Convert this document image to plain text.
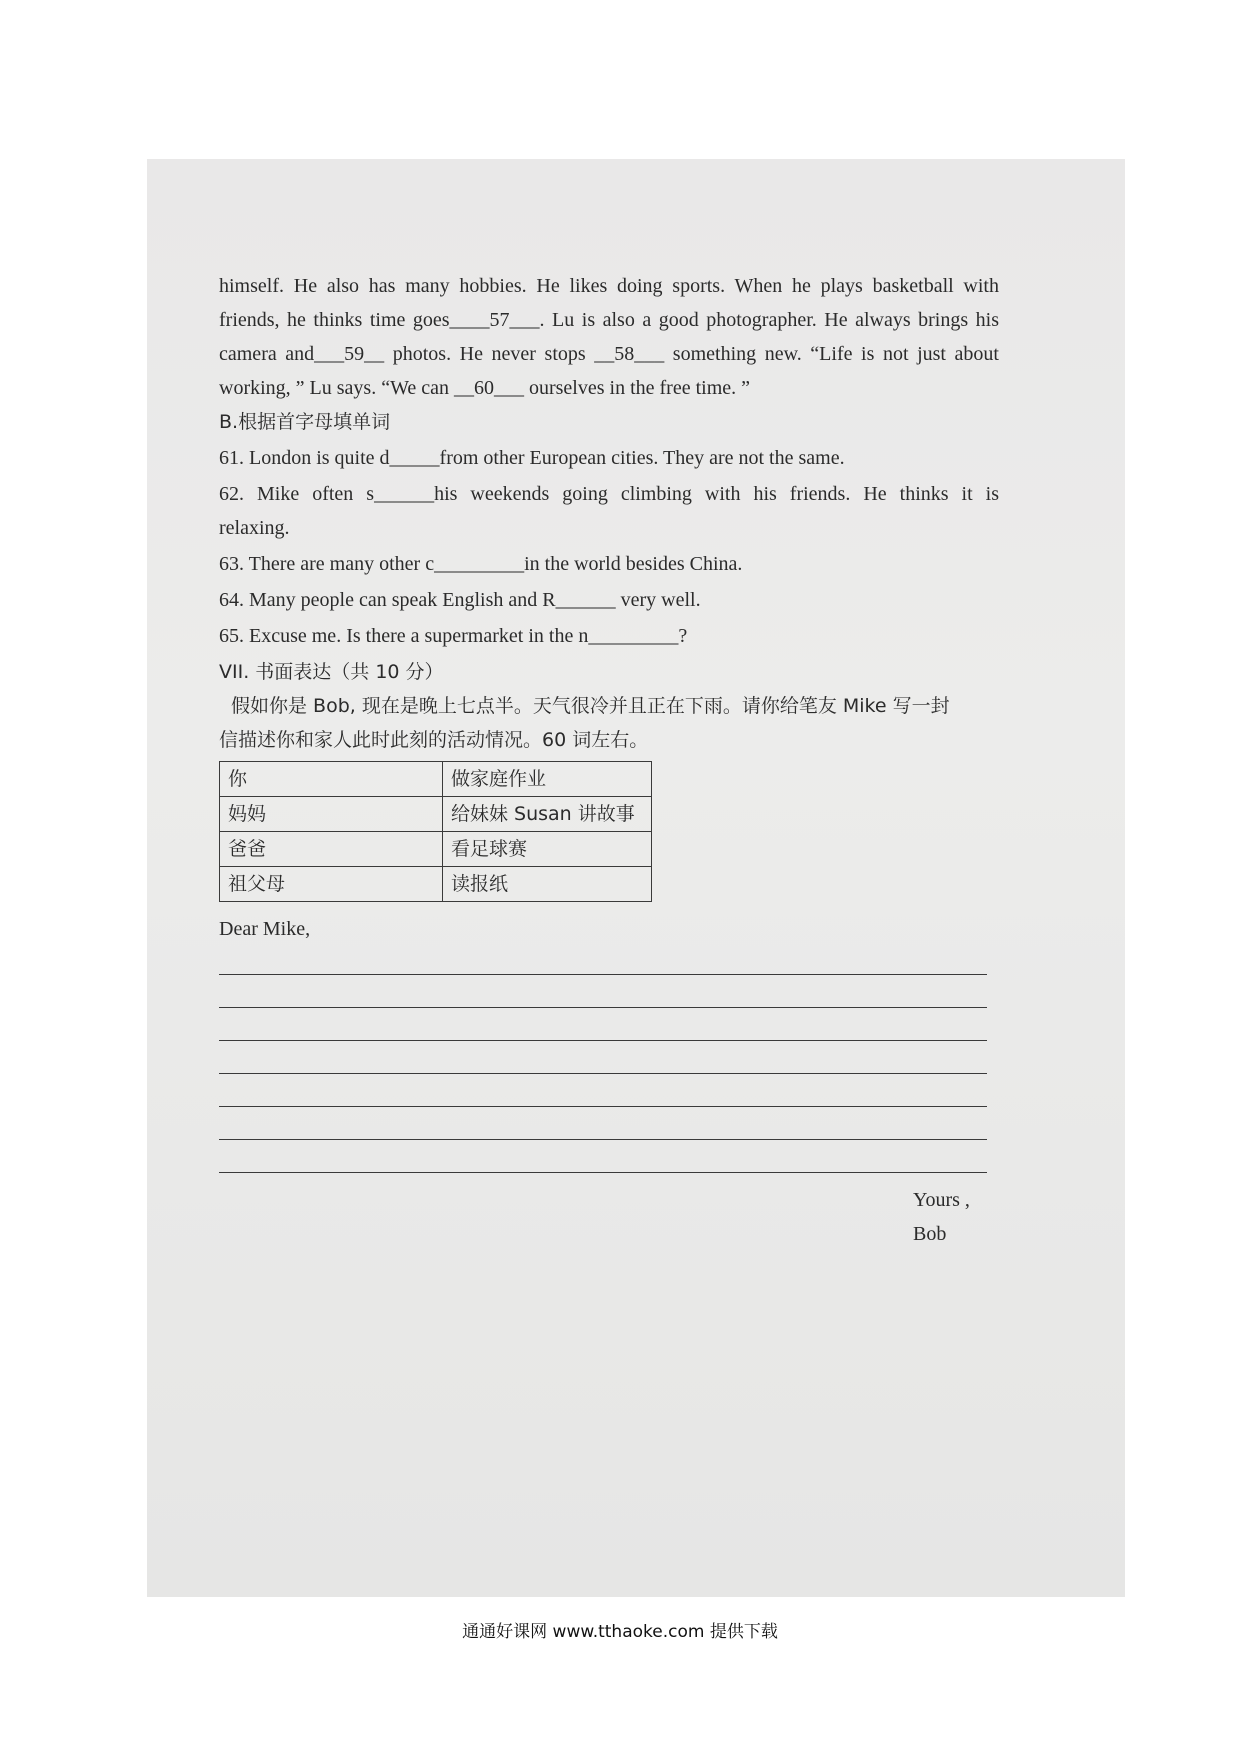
himself. He also has many hobbies. He likes doing sports. When he plays basketball with
friends, he thinks time goes____57___. Lu is also a good photographer. He always brings his
camera and___59__ photos. He never stops __58___ something new. “Life is not just about
working, ” Lu says. “We can __60___ ourselves in the free time. ”
B.根据首字母填单词
61. London is quite d_____from other European cities. They are not the same.
62. Mike often s______his weekends going climbing with his friends. He thinks it is
relaxing.
63. There are many other c_________in the world besides China.
64. Many people can speak English and R______ very well.
65. Excuse me. Is there a supermarket in the n_________?
VII. 书面表达（共 10 分）
假如你是 Bob, 现在是晚上七点半。天气很冷并且正在下雨。请你给笔友 Mike 写一封
信描述你和家人此时此刻的活动情况。60 词左右。
你	做家庭作业
妈妈	给妹妹 Susan 讲故事
爸爸	看足球赛
祖父母	读报纸
Dear Mike,
Yours ,
Bob
通通好课网 www.tthaoke.com 提供下载
